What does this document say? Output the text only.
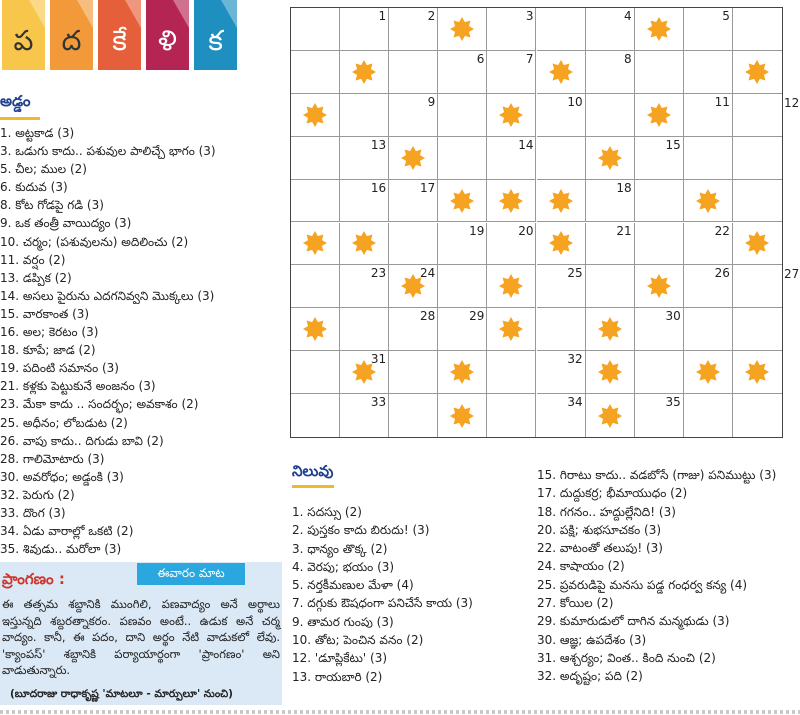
ప	ద	కే	ళి	క
అడ్డం
1. అట్టకాడ (3)
3. ఒడుగు కాదు.. పశువుల పాలిచ్చే భాగం (3)
5. చీల; ముల (2)
6. కుదువ (3)
8. కోట గోడపై గడి (3)
9. ఒక తంత్రీ వాయిద్యం (3)
10. చర్మం; (పశువులను) అదిలించు (2)
11. వర్షం (2)
13. డప్పిక (2)
14. అసలు పైరును ఎదగనివ్వని మొక్కలు (3)
15. వారకాంత (3)
16. అల; కెరటం (3)
18. కూపే; జాడ (2)
19. పదింటి సమానం (3)
21. కళ్లకు పెట్టుకునే అంజనం (3)
23. మేకా కాదు .. సందర్భం; అవకాశం (2)
25. అధీనం; లోబడుట (2)
26. వాపు కాదు.. దిగుడు బావి (2)
28. గాలిమోటారు (3)
30. అవరోధం; అడ్డంకి (3)
32. పెరుగు (2)
33. దొంగ (3)
34. ఏడు వారాల్లో ఒకటి (2)
35. శివుడు.. మరోలా (3)
ప్రాంగణం :	ఈవారం మాట
ఈ తత్సమ శబ్దానికి ముంగిలి, పణవాద్యం అనే అర్థాలు ఇస్తున్నది శబ్దరత్నాకరం. పణవం అంటే.. ఉడుక అనే చర్మ వాద్యం. కానీ, ఈ పదం, దాని అర్థం నేటి వాడుకలో లేవు. 'క్యాంపస్' శబ్దానికి పర్యాయార్థంగా 'ప్రాంగణం' అని వాడుతున్నారు.
(బూదరాజు రాధాకృష్ణ 'మాటలూ - మార్పులూ' నుంచి)
1	2	3	4	5
6	7	8
9	10	11
13	14	15
16	17	18
19	20	21	22
23	24	25	26
28	29	30
31	32
33	34	35
12
27
నిలువు
1. సదస్సు (2)
2. పుస్తకం కాదు బిరుదు! (3)
3. ధాన్యం తొక్క (2)
4. వెరపు; భయం (3)
5. నర్తకీమణుల మేళా (4)
7. దగ్గుకు ఔషధంగా పనిచేసే కాయ (3)
9. తామర గుంపు (3)
10. తోట; పెంచిన వనం (2)
12. 'డూప్లికేటు' (3)
13. రాయబారి (2)
15. గిరాటు కాదు.. వడబోసే (గాజు) పనిముట్టు (3)
17. దుద్దుకర్ర; భీమాయుధం (2)
18. గగనం.. హద్దుల్లేనిది! (3)
20. పక్షి; శుభసూచకం (3)
22. వాటంతో తలుపు! (3)
24. కాషాయం (2)
25. ప్రవరుడిపై మనసు పడ్డ గంధర్వ కన్య (4)
27. కోయిల (2)
29. కుమారుడులో దాగిన మన్మథుడు (3)
30. ఆజ్ఞ; ఉపదేశం (3)
31. ఆశ్చర్యం; వింత.. కింది నుంచి (2)
32. అదృష్టం; పది (2)
